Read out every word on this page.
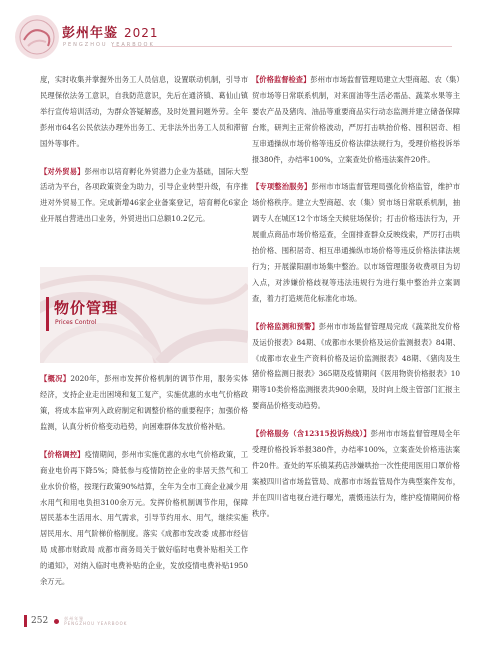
彭州年鉴 2021
PENGZHOU YEARBOOK

度，实时收集并掌握外出务工人员信息，设置联动机制，引导市民理保依法务工意识，自我防范意识，先后在通济镇、葛仙山镇举行宣传培训活动，为群众答疑解惑，及时处置问题外劳。全年彭州市64名公民依法办理外出务工、无非法外出务工人员和滞留国外等事件。

【对外贸易】彭州市以培育孵化外贸潜力企业为基础，国际大型活动为平台，各项政策资金为助力，引导企业转型升级，有序推进对外贸易工作。完成新增46家企业备案登记，培育孵化6家企业开展自营进出口业务，外贸进出口总额10.2亿元。

物价管理
Prices Control

【概况】2020年，彭州市发挥价格机制的调节作用，服务实体经济，支持企业走出困境和复工复产，实施优惠的水电气价格政策，将成本监审列入政府制定和调整价格的重要程序；加强价格监测，认真分析价格变动趋势，向困难群体发放价格补贴。

【价格调控】疫情期间，彭州市实施优惠的水电气价格政策，工商业电价再下降5%；降低参与疫情防控企业的非居天然气和工业水价价格，按现行政策90%结算，全年为全市工商企业减少用水用气和用电负担3100余万元。发挥价格机制调节作用，保障居民基本生活用水、用气需求，引导节约用水、用气，继续实施居民用水、用气阶梯价格制度。落实《成都市发改委 成都市经信局 成都市财政局 成都市商务局关于做好临时电费补贴相关工作的通知》，对纳入临时电费补贴的企业，发放疫情电费补贴1950余万元。

【价格监督检查】彭州市市场监督管理局建立大型商超、农（集）贸市场等日常联系机制，对来面油等生活必需品、蔬菜水果等主要农产品及猪肉、油品等重要商品实行动态监测并建立储备保障台账，研判主正常价格波动，严厉打击哄抬价格、囤积居奇、相互串通操纵市场价格等违反价格法律法规行为，受理价格投诉举报380件，办结率100%，立案查处价格违法案件20件。

【专项整治服务】彭州市市场监督管理局强化价格监管，维护市场价格秩序。建立大型商超、农（集）贸市场日常联系机制，抽调专人在城区12个市场全天候驻场保价；打击价格违法行为，开展重点商品市场价格巡查，全面排查群众反映线索，严厉打击哄抬价格、囤积居奇、相互串通操纵市场价格等违反价格法律法规行为；开展濛阳副市场集中整治。以市场管理服务收费项目为切入点，对涉嫌价格歧视等违法违规行为进行集中整治并立案调查，着力打造规范化标准化市场。

【价格监测和预警】彭州市市场监督管理局完成《蔬菜批发价格及运价报表》84期、《成都市水果价格及运价监测报表》84期、《成都市农业生产资料价格及运价监测报表》48期、《猪肉及生猪价格监测日报表》365期及疫情期间《医用物资价格报表》10期等10类价格监测报表共900余期，及时向上级主管部门汇报主要商品价格变动趋势。

【价格服务（含12315投诉热线）】彭州市市场监督管理局全年受理价格投诉举报380件，办结率100%，立案查处价格违法案件20件。查处的军乐镇某药店涉嫌哄抬一次性使用医用口罩价格案被四川省市场监管局、成都市市场监管局作为典型案件发布，并在四川省电视台进行曝光，震慑违法行为，维护疫情期间价格秩序。

252	彭州年鉴
PENGZHOU YEARBOOK
